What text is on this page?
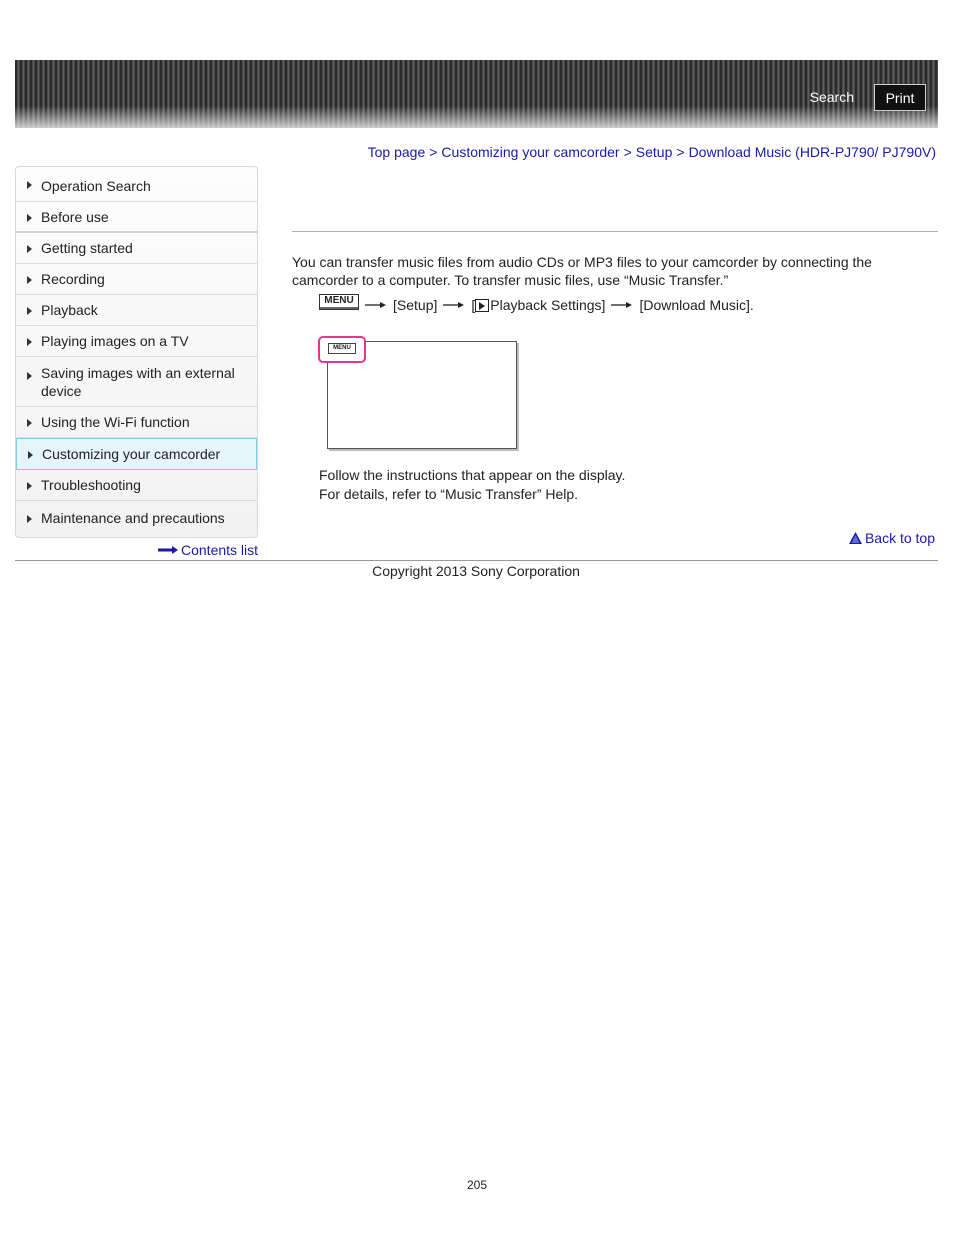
Search	Print
Top page > Customizing your camcorder > Setup > Download Music (HDR-PJ790/ PJ790V)
Operation Search
Before use
Getting started
Recording
Playback
Playing images on a TV
Saving images with an external device
Using the Wi-Fi function
Customizing your camcorder
Troubleshooting
Maintenance and precautions
Contents list

You can transfer music files from audio CDs or MP3 files to your camcorder by connecting the camcorder to a computer. To transfer music files, use “Music Transfer.”

MENU	[Setup] [ Playback Settings] [Download Music].
MENU
Follow the instructions that appear on the display.
For details, refer to “Music Transfer” Help.
Back to top
Copyright 2013 Sony Corporation
205
